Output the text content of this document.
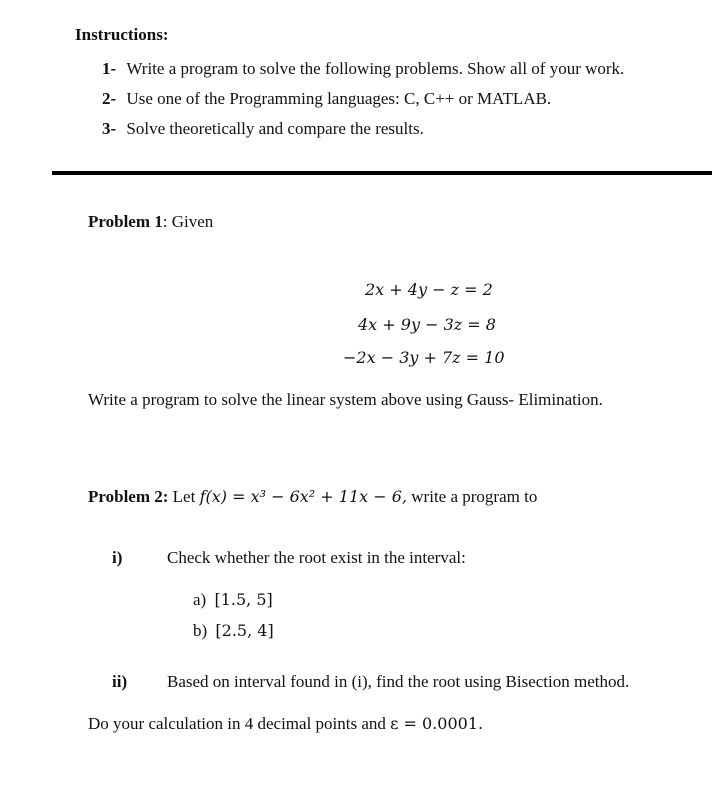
Instructions:
1- Write a program to solve the following problems. Show all of your work.
2- Use one of the Programming languages: C, C++ or MATLAB.
3- Solve theoretically and compare the results.
Problem 1: Given
2x + 4y − z = 2
4x + 9y − 3z = 8
−2x − 3y + 7z = 10
Write a program to solve the linear system above using Gauss- Elimination.
Problem 2: Let f(x) = x³ − 6x² + 11x − 6, write a program to
i)	Check whether the root exist in the interval:
a) [1.5, 5]
b) [2.5, 4]
ii) Based on interval found in (i), find the root using Bisection method.
Do your calculation in 4 decimal points and ε = 0.0001.
